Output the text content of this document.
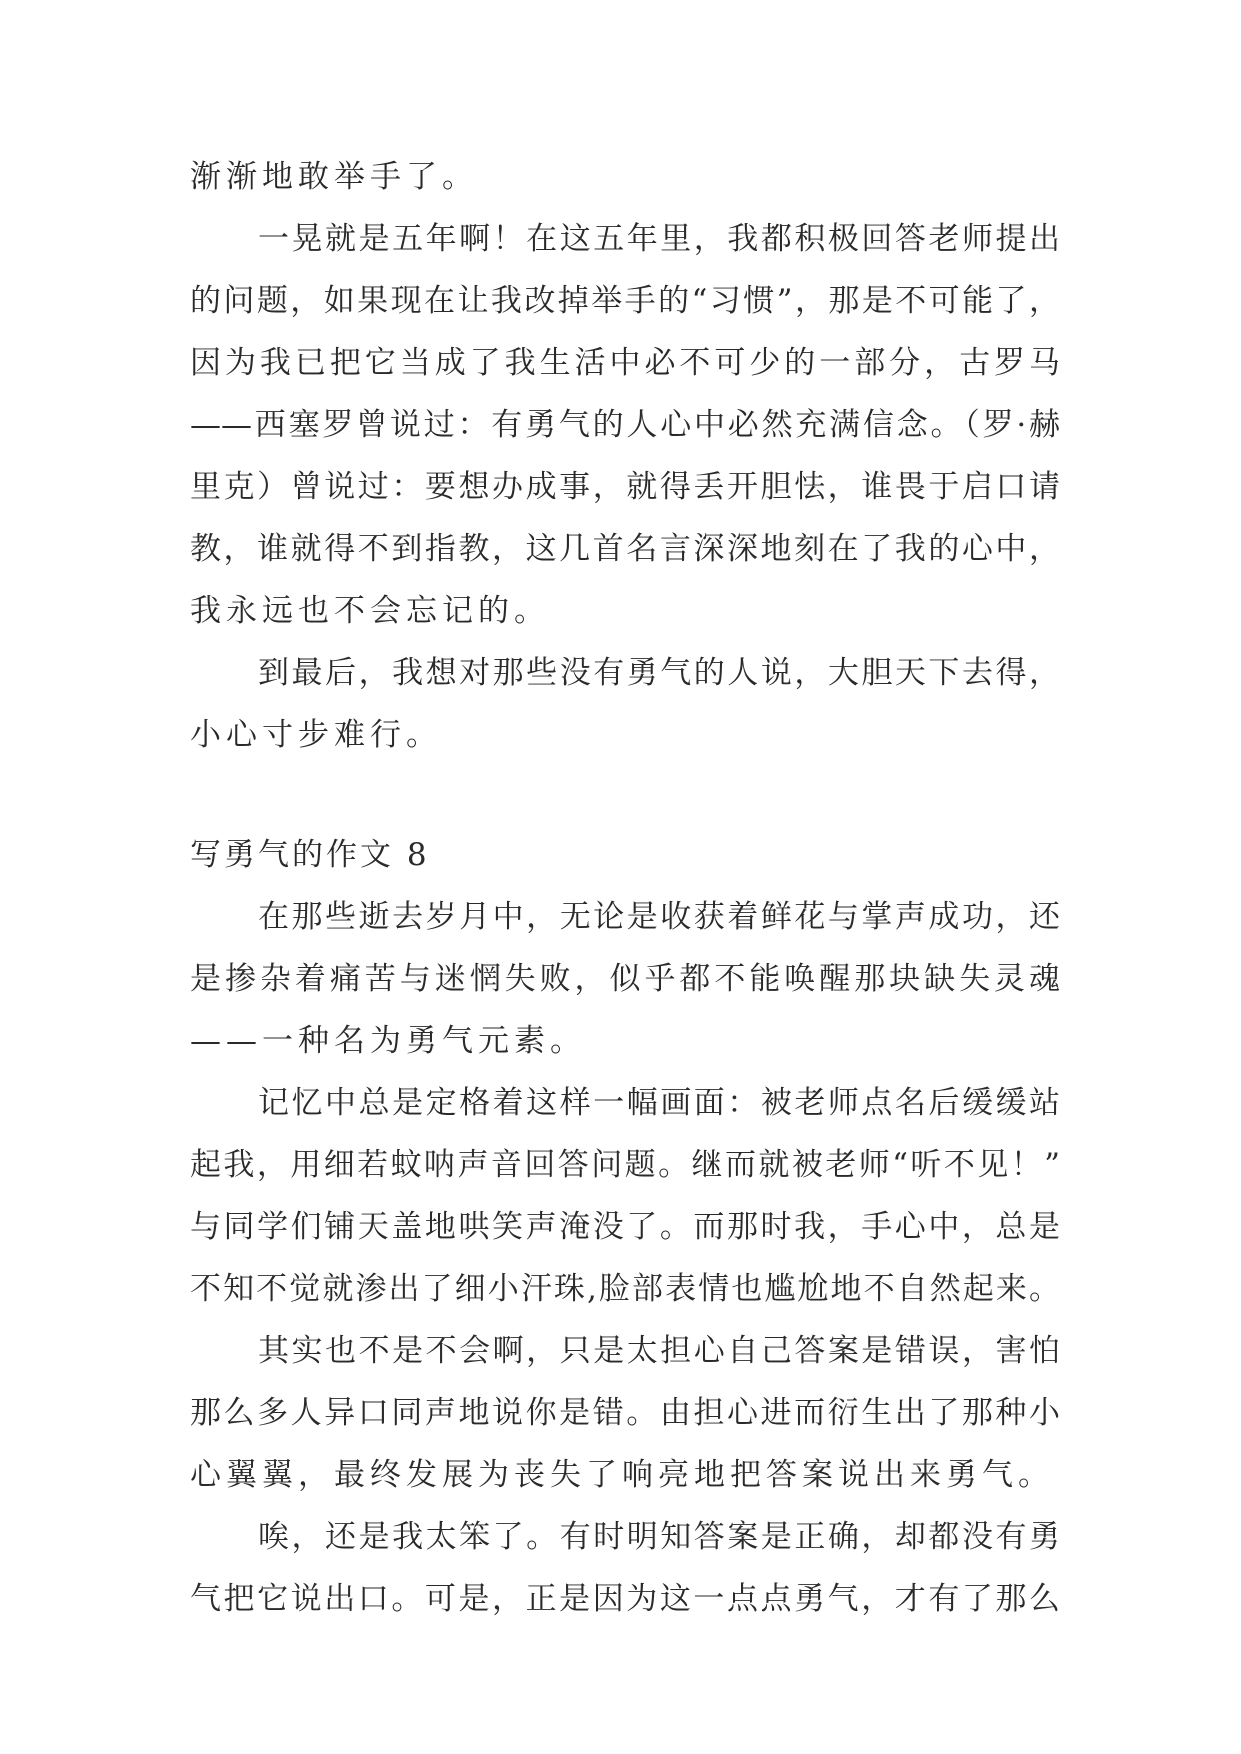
渐渐地敢举手了。
一晃就是五年啊！在这五年里，我都积极回答老师提出
的问题，如果现在让我改掉举手的“习惯”，那是不可能了，
因为我已把它当成了我生活中必不可少的一部分，古罗马
——西塞罗曾说过：有勇气的人心中必然充满信念。（罗·赫
里克）曾说过：要想办成事，就得丢开胆怯，谁畏于启口请
教，谁就得不到指教，这几首名言深深地刻在了我的心中，
我永远也不会忘记的。
到最后，我想对那些没有勇气的人说，大胆天下去得，
小心寸步难行。
写勇气的作文 8
在那些逝去岁月中，无论是收获着鲜花与掌声成功，还
是掺杂着痛苦与迷惘失败，似乎都不能唤醒那块缺失灵魂
——一种名为勇气元素。
记忆中总是定格着这样一幅画面：被老师点名后缓缓站
起我，用细若蚊呐声音回答问题。继而就被老师“听不见！”
与同学们铺天盖地哄笑声淹没了。而那时我，手心中，总是
不知不觉就渗出了细小汗珠,脸部表情也尴尬地不自然起来。
其实也不是不会啊，只是太担心自己答案是错误，害怕
那么多人异口同声地说你是错。由担心进而衍生出了那种小
心翼翼，最终发展为丧失了响亮地把答案说出来勇气。
唉，还是我太笨了。有时明知答案是正确，却都没有勇
气把它说出口。可是，正是因为这一点点勇气，才有了那么
